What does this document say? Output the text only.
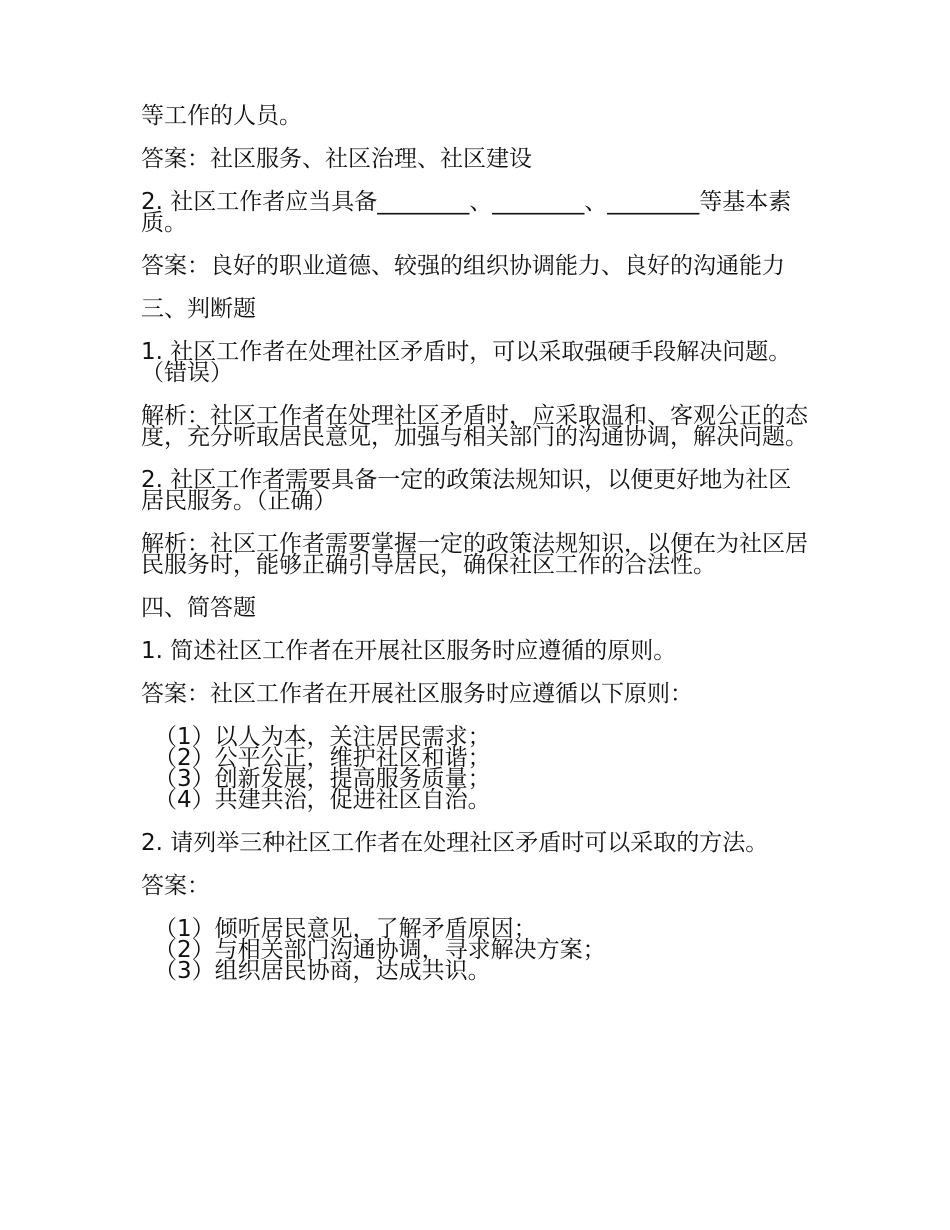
等工作的人员。

答案：社区服务、社区治理、社区建设

2. 社区工作者应当具备________、________、________等基本素质。

答案：良好的职业道德、较强的组织协调能力、良好的沟通能力

三、判断题

1. 社区工作者在处理社区矛盾时，可以采取强硬手段解决问题。（错误）

解析：社区工作者在处理社区矛盾时，应采取温和、客观公正的态度，充分听取居民意见，加强与相关部门的沟通协调，解决问题。

2. 社区工作者需要具备一定的政策法规知识，以便更好地为社区居民服务。（正确）

解析：社区工作者需要掌握一定的政策法规知识，以便在为社区居民服务时，能够正确引导居民，确保社区工作的合法性。

四、简答题

1. 简述社区工作者在开展社区服务时应遵循的原则。

答案：社区工作者在开展社区服务时应遵循以下原则：

（1）以人为本，关注居民需求；

（2）公平公正，维护社区和谐；

（3）创新发展，提高服务质量；

（4）共建共治，促进社区自治。

2. 请列举三种社区工作者在处理社区矛盾时可以采取的方法。

答案：

（1）倾听居民意见，了解矛盾原因；

（2）与相关部门沟通协调，寻求解决方案；

（3）组织居民协商，达成共识。
